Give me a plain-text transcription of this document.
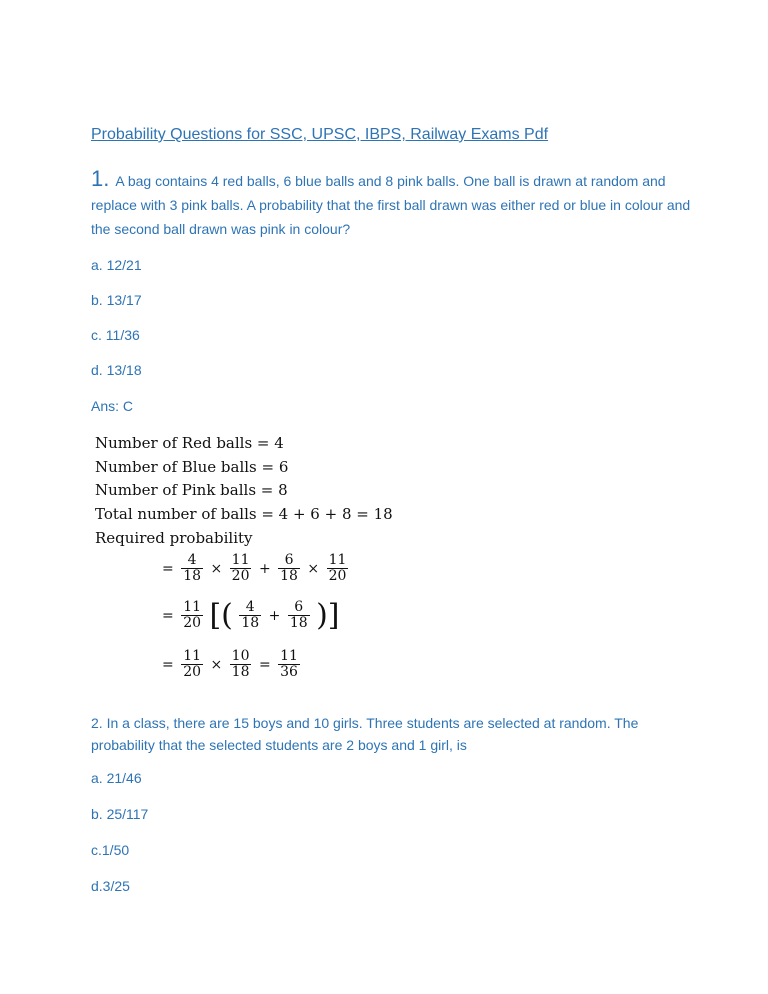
Probability Questions for SSC, UPSC, IBPS, Railway Exams Pdf
1. A bag contains 4 red balls, 6 blue balls and 8 pink balls. One ball is drawn at random and replace with 3 pink balls. A probability that the first ball drawn was either red or blue in colour and the second ball drawn was pink in colour?
a. 12/21
b. 13/17
c. 11/36
d. 13/18
Ans: C
Number of Red balls = 4
Number of Blue balls = 6
Number of Pink balls = 8
Total number of balls = 4 + 6 + 8 = 18
Required probability
= $\frac{4}{18} \times \frac{11}{20} + \frac{6}{18} \times \frac{11}{20}$
= $\frac{11}{20}$ [( $\frac{4}{18} + \frac{6}{18}$ )]
= $\frac{11}{20} \times \frac{10}{18} = \frac{11}{36}$
2. In a class, there are 15 boys and 10 girls. Three students are selected at random. The probability that the selected students are 2 boys and 1 girl, is
a. 21/46
b. 25/117
c.1/50
d.3/25
